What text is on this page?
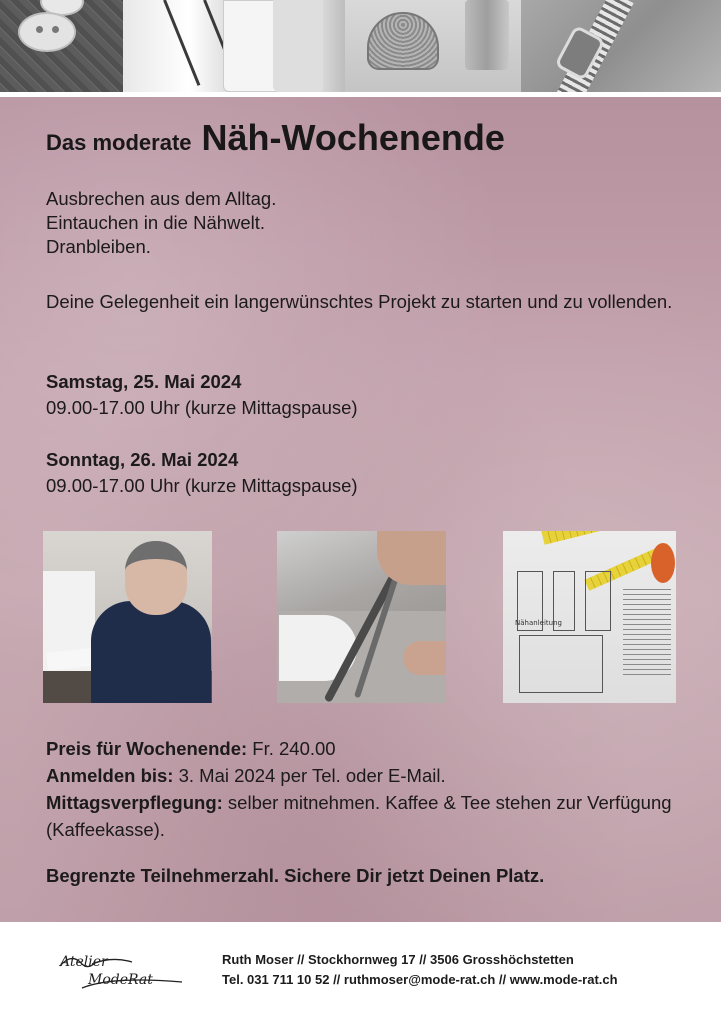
Das moderate Näh-Wochenende
Ausbrechen aus dem Alltag.
Eintauchen in die Nähwelt.
Dranbleiben.

Deine Gelegenheit ein langerwünschtes Projekt zu starten und zu vollenden.

Samstag, 25. Mai 2024
09.00-17.00 Uhr (kurze Mittagspause)
Sonntag, 26. Mai 2024
09.00-17.00 Uhr (kurze Mittagspause)
Nähanleitung
Preis für Wochenende: Fr. 240.00
Anmelden bis: 3. Mai 2024 per Tel. oder E-Mail.
Mittagsverpflegung: selber mitnehmen. Kaffee & Tee stehen zur Verfügung (Kaffeekasse).
Begrenzte Teilnehmerzahl. Sichere Dir jetzt Deinen Platz.
Atelier
ModeRat
Ruth Moser // Stockhornweg 17 // 3506 Grosshöchstetten
Tel. 031 711 10 52 // ruthmoser@mode-rat.ch // www.mode-rat.ch
